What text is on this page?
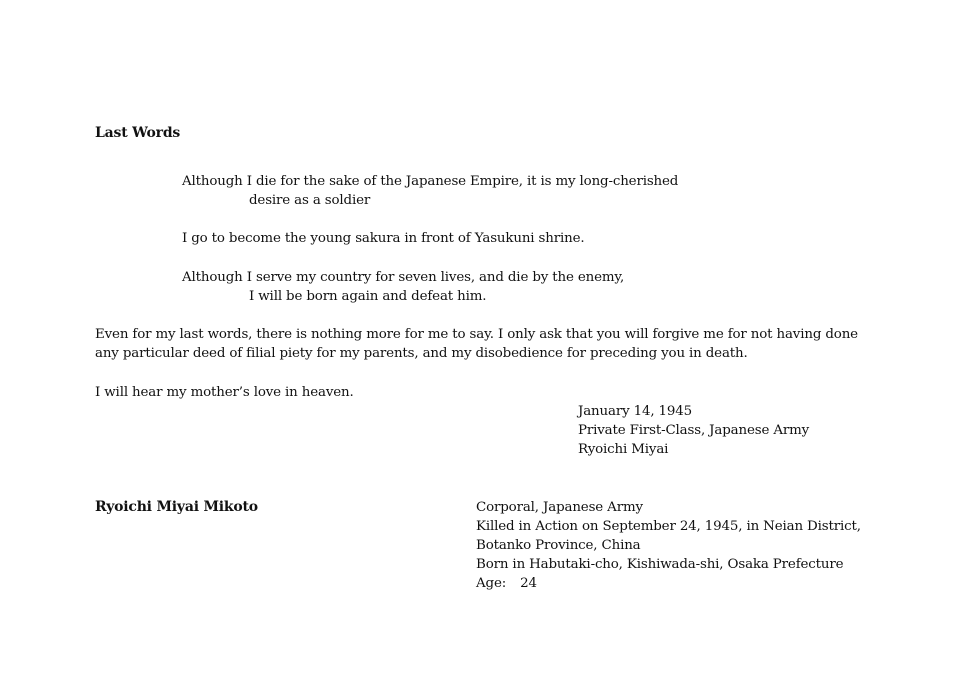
Last Words
Although I die for the sake of the Japanese Empire, it is my long-cherished
desire as a soldier
I go to become the young sakura in front of Yasukuni shrine.
Although I serve my country for seven lives, and die by the enemy,
I will be born again and defeat him.
Even for my last words, there is nothing more for me to say. I only ask that you will forgive me for not having done
any particular deed of filial piety for my parents, and my disobedience for preceding you in death.
I will hear my mother’s love in heaven.
January 14, 1945
Private First-Class, Japanese Army
Ryoichi Miyai
Ryoichi Miyai Mikoto	Corporal, Japanese Army
Killed in Action on September 24, 1945, in Neian District,
Botanko Province, China
Born in Habutaki-cho, Kishiwada-shi, Osaka Prefecture
Age: 24
